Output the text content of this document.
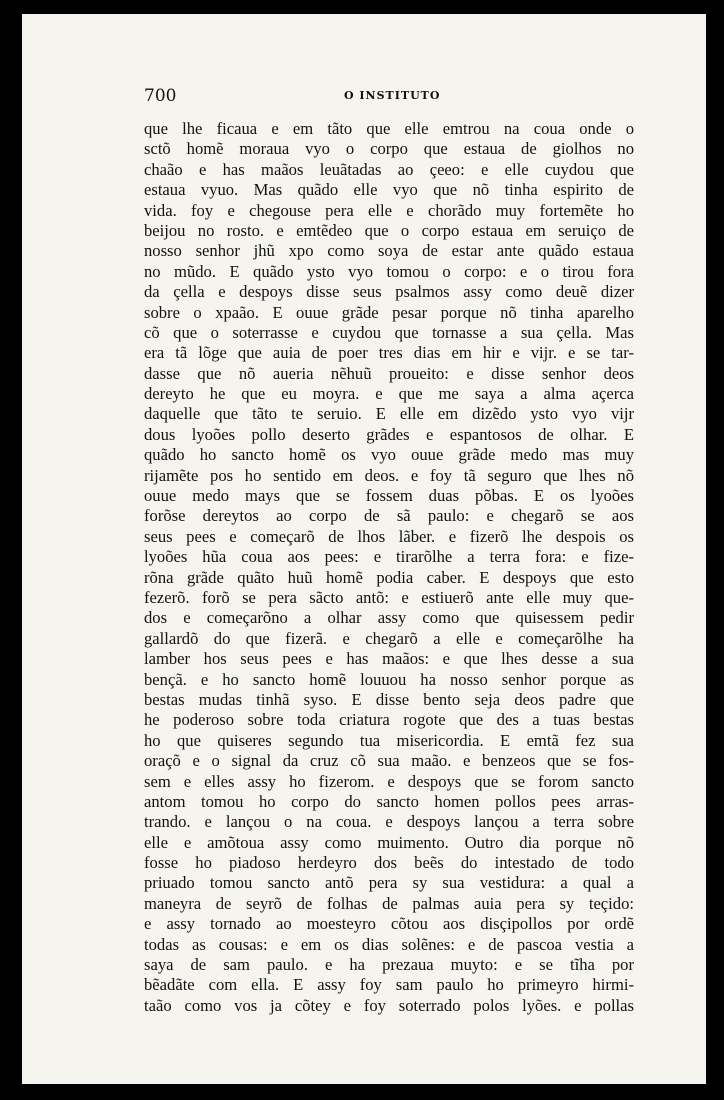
700	O INSTITUTO
que lhe ficaua e em tãto que elle emtrou na coua onde o
sctõ homẽ moraua vyo o corpo que estaua de giolhos no
chaão e has maãos leuãtadas ao çeeo: e elle cuydou que
estaua vyuo. Mas quãdo elle vyo que nõ tinha espirito de
vida. foy e chegouse pera elle e chorãdo muy fortemẽte ho
beijou no rosto. e emtẽdeo que o corpo estaua em seruiço de
nosso senhor jhũ xpo como soya de estar ante quãdo estaua
no mũdo. E quãdo ysto vyo tomou o corpo: e o tirou fora
da çella e despoys disse seus psalmos assy como deuẽ dizer
sobre o xpaão. E ouue grãde pesar porque nõ tinha aparelho
cõ que o soterrasse e cuydou que tornasse a sua çella. Mas
era tã lõge que auia de poer tres dias em hir e vijr. e se tar-
dasse que nõ aueria nẽhuũ proueito: e disse senhor deos
dereyto he que eu moyra. e que me saya a alma açerca
daquelle que tãto te seruio. E elle em dizẽdo ysto vyo vijr
dous lyoões pollo deserto grãdes e espantosos de olhar. E
quãdo ho sancto homẽ os vyo ouue grãde medo mas muy
rijamẽte pos ho sentido em deos. e foy tã seguro que lhes nõ
ouue medo mays que se fossem duas põbas. E os lyoões
forõse dereytos ao corpo de sã paulo: e chegarõ se aos
seus pees e começarõ de lhos lãber. e fizerõ lhe despois os
lyoões hũa coua aos pees: e tirarõlhe a terra fora: e fize-
rõna grãde quãto huũ homẽ podia caber. E despoys que esto
fezerõ. forõ se pera sãcto antõ: e estiuerõ ante elle muy que-
dos e começarõno a olhar assy como que quisessem pedir
gallardõ do que fizerã. e chegarõ a elle e começarõlhe ha
lamber hos seus pees e has maãos: e que lhes desse a sua
bençã. e ho sancto homẽ louuou ha nosso senhor porque as
bestas mudas tinhã syso. E disse bento seja deos padre que
he poderoso sobre toda criatura rogote que des a tuas bestas
ho que quiseres segundo tua misericordia. E emtã fez sua
oraçõ e o signal da cruz cõ sua maão. e benzeos que se fos-
sem e elles assy ho fizerom. e despoys que se forom sancto
antom tomou ho corpo do sancto homen pollos pees arras-
trando. e lançou o na coua. e despoys lançou a terra sobre
elle e amõtoua assy como muimento. Outro dia porque nõ
fosse ho piadoso herdeyro dos beẽs do intestado de todo
priuado tomou sancto antõ pera sy sua vestidura: a qual a
maneyra de seyrõ de folhas de palmas auia pera sy teçido:
e assy tornado ao moesteyro cõtou aos disçipollos por ordẽ
todas as cousas: e em os dias solẽnes: e de pascoa vestia a
saya de sam paulo. e ha prezaua muyto: e se tĩha por
bẽadãte com ella. E assy foy sam paulo ho primeyro hirmi-
taão como vos ja cõtey e foy soterrado polos lyões. e pollas
